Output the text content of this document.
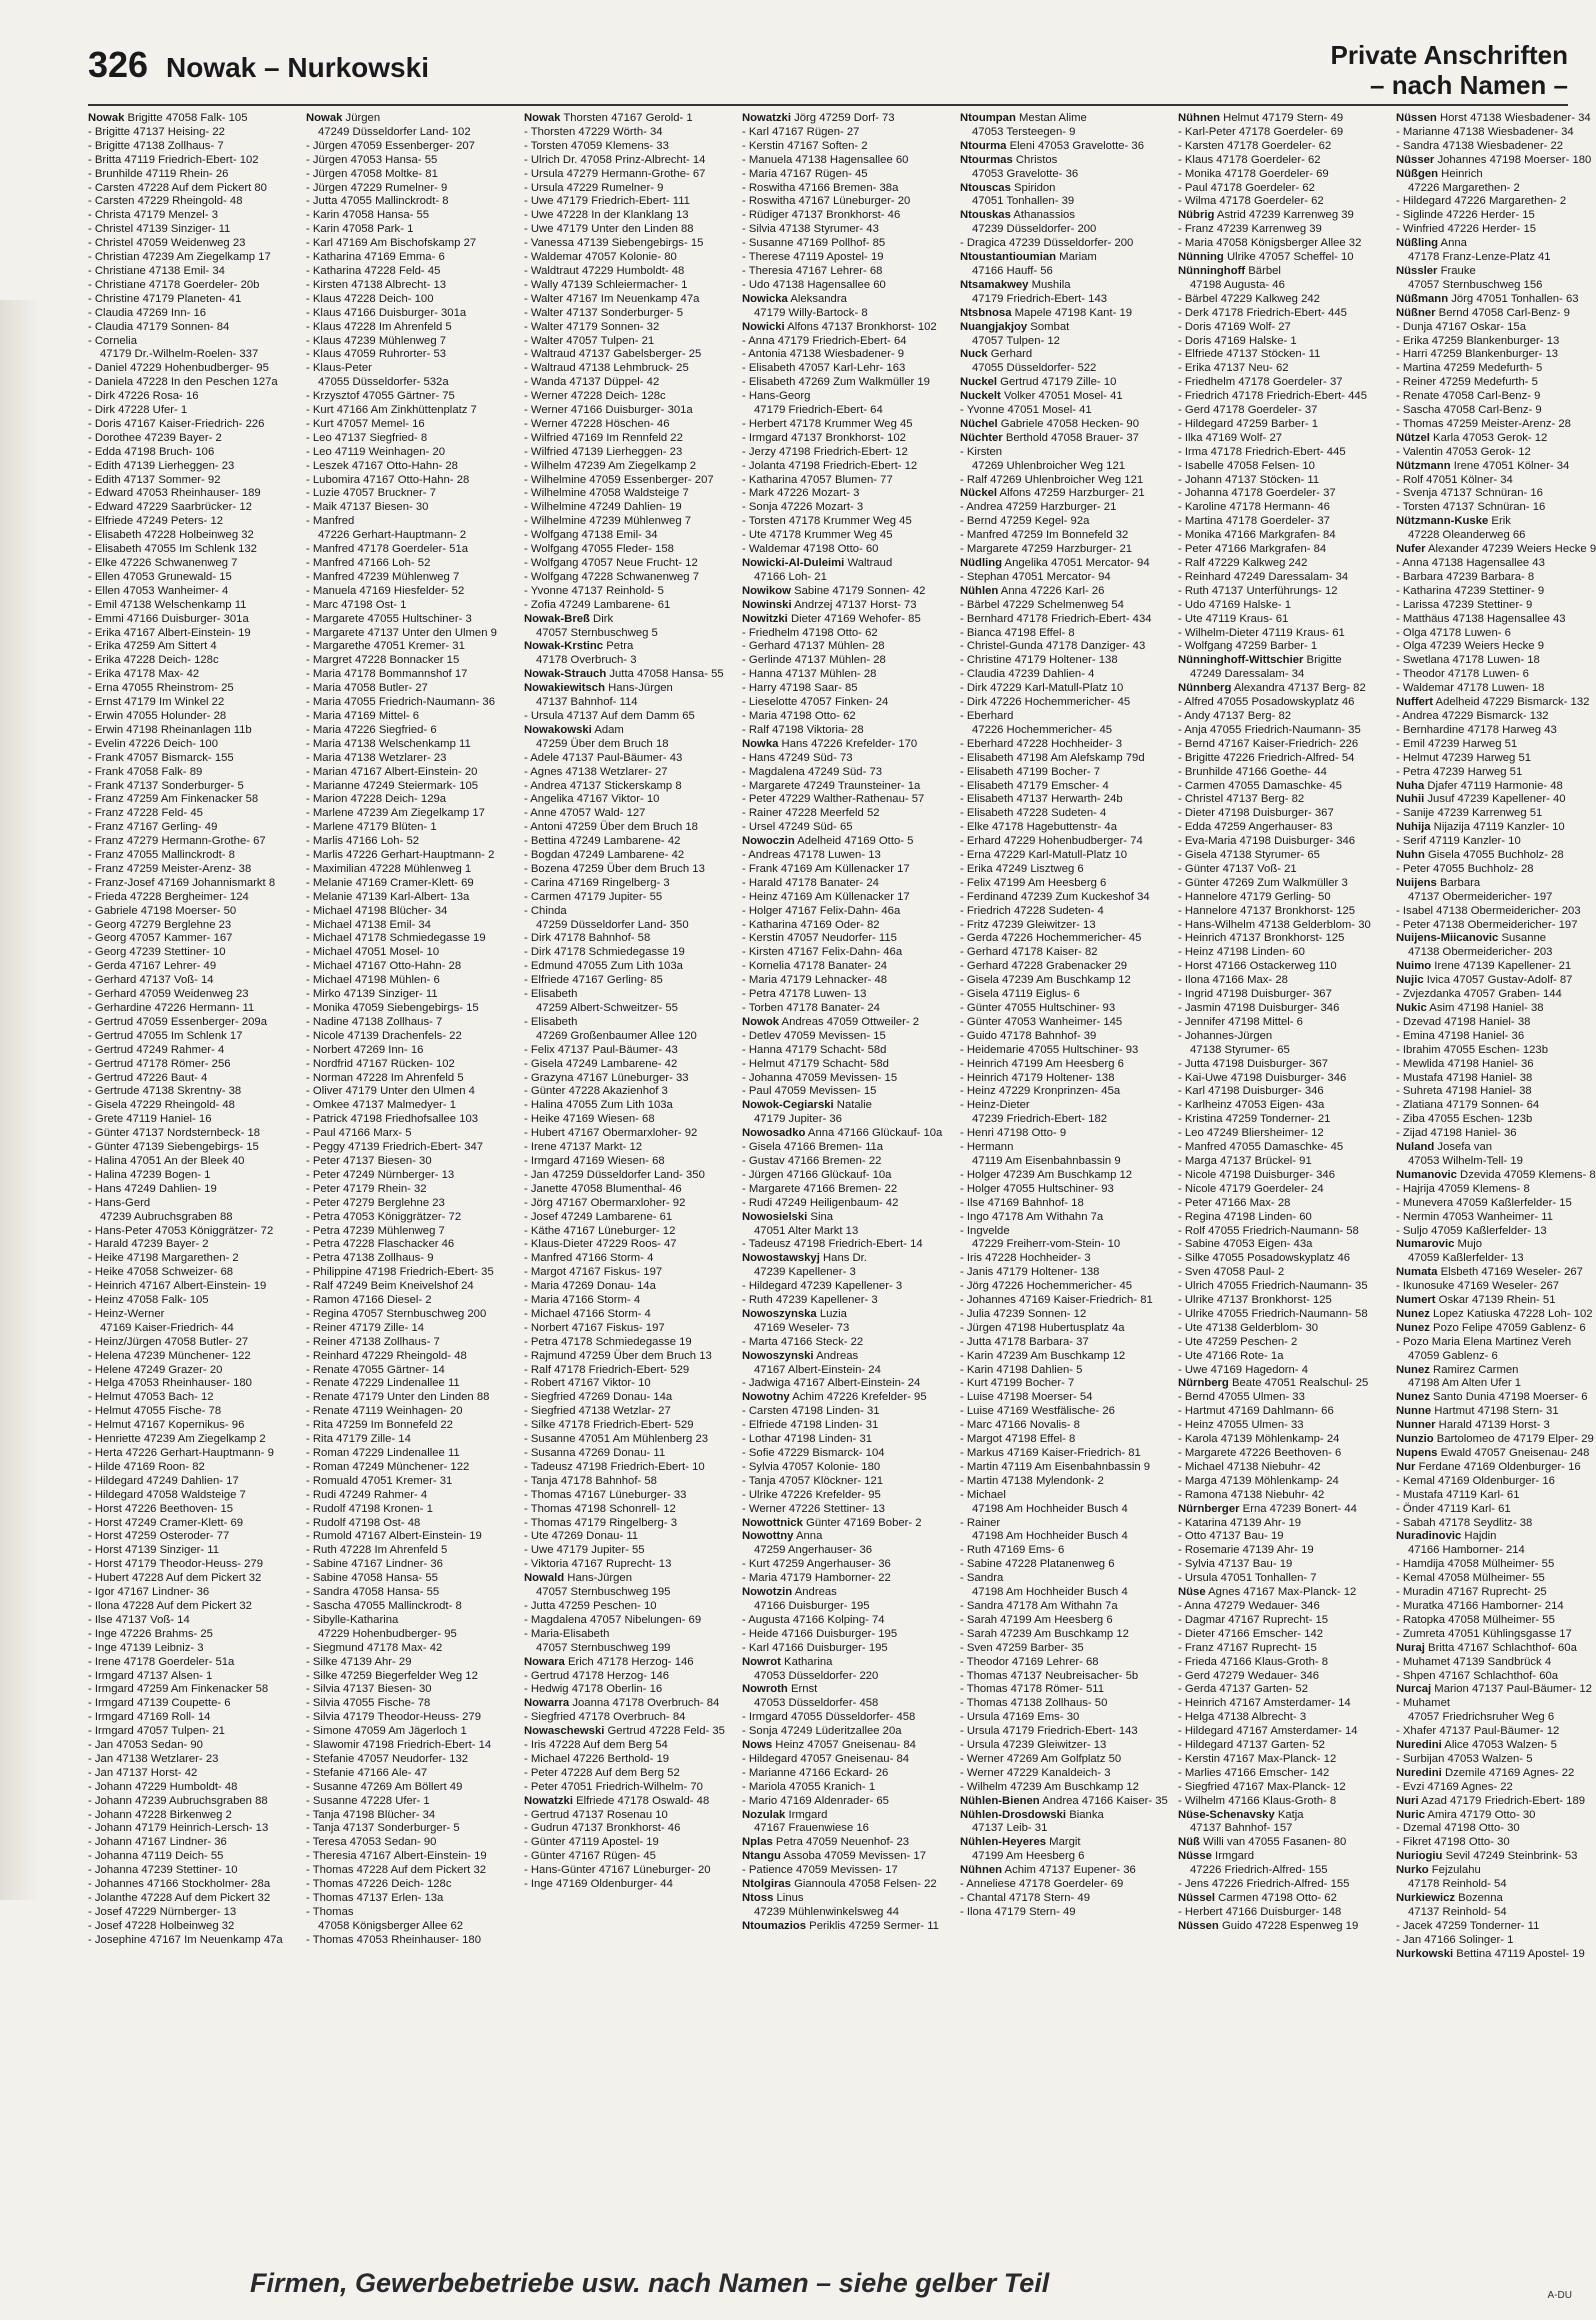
326 Nowak – Nurkowski	Private Anschriften
– nach Namen –
Nowak Brigitte 47058 Falk- 105
- Brigitte 47137 Heising- 22
- Brigitte 47138 Zollhaus- 7
- Britta 47119 Friedrich-Ebert- 102
- Brunhilde 47119 Rhein- 26
- Carsten 47228 Auf dem Pickert 80
- Carsten 47229 Rheingold- 48
- Christa 47179 Menzel- 3
- Christel 47139 Sinziger- 11
- Christel 47059 Weidenweg 23
- Christian 47239 Am Ziegelkamp 17
- Christiane 47138 Emil- 34
- Christiane 47178 Goerdeler- 20b
- Christine 47179 Planeten- 41
- Claudia 47269 Inn- 16
- Claudia 47179 Sonnen- 84
- Cornelia
47179 Dr.-Wilhelm-Roelen- 337
- Daniel 47229 Hohenbudberger- 95
- Daniela 47228 In den Peschen 127a
- Dirk 47226 Rosa- 16
- Dirk 47228 Ufer- 1
- Doris 47167 Kaiser-Friedrich- 226
- Dorothee 47239 Bayer- 2
- Edda 47198 Bruch- 106
- Edith 47139 Lierheggen- 23
- Edith 47137 Sommer- 92
- Edward 47053 Rheinhauser- 189
- Edward 47229 Saarbrücker- 12
- Elfriede 47249 Peters- 12
- Elisabeth 47228 Holbeinweg 32
- Elisabeth 47055 Im Schlenk 132
- Elke 47226 Schwanenweg 7
- Ellen 47053 Grunewald- 15
- Ellen 47053 Wanheimer- 4
- Emil 47138 Welschenkamp 11
- Emmi 47166 Duisburger- 301a
- Erika 47167 Albert-Einstein- 19
- Erika 47259 Am Sittert 4
- Erika 47228 Deich- 128c
- Erika 47178 Max- 42
- Erna 47055 Rheinstrom- 25
- Ernst 47179 Im Winkel 22
- Erwin 47055 Holunder- 28
- Erwin 47198 Rheinanlagen 11b
- Evelin 47226 Deich- 100
- Frank 47057 Bismarck- 155
- Frank 47058 Falk- 89
- Frank 47137 Sonderburger- 5
- Franz 47259 Am Finkenacker 58
- Franz 47228 Feld- 45
- Franz 47167 Gerling- 49
- Franz 47279 Hermann-Grothe- 67
- Franz 47055 Mallinckrodt- 8
- Franz 47259 Meister-Arenz- 38
- Franz-Josef 47169 Johannismarkt 8
- Frieda 47228 Bergheimer- 124
- Gabriele 47198 Moerser- 50
- Georg 47279 Berglehne 23
- Georg 47057 Kammer- 167
- Georg 47239 Stettiner- 10
- Gerda 47167 Lehrer- 49
- Gerhard 47137 Voß- 14
- Gerhard 47059 Weidenweg 23
- Gerhardine 47226 Hermann- 11
- Gertrud 47059 Essenberger- 209a
- Gertrud 47055 Im Schlenk 17
- Gertrud 47249 Rahmer- 4
- Gertrud 47178 Römer- 256
- Gertrud 47226 Baut- 4
- Gertrude 47138 Skrentny- 38
- Gisela 47229 Rheingold- 48
- Grete 47119 Haniel- 16
- Günter 47137 Nordsternbeck- 18
- Günter 47139 Siebengebirgs- 15
- Halina 47051 An der Bleek 40
- Halina 47239 Bogen- 1
- Hans 47249 Dahlien- 19
- Hans-Gerd
47239 Aubruchsgraben 88
- Hans-Peter 47053 Königgrätzer- 72
- Harald 47239 Bayer- 2
- Heike 47198 Margarethen- 2
- Heike 47058 Schweizer- 68
- Heinrich 47167 Albert-Einstein- 19
- Heinz 47058 Falk- 105
- Heinz-Werner
47169 Kaiser-Friedrich- 44
- Heinz/Jürgen 47058 Butler- 27
- Helena 47239 Münchener- 122
- Helene 47249 Grazer- 20
- Helga 47053 Rheinhauser- 180
- Helmut 47053 Bach- 12
- Helmut 47055 Fische- 78
- Helmut 47167 Kopernikus- 96
- Henriette 47239 Am Ziegelkamp 2
- Herta 47226 Gerhart-Hauptmann- 9
- Hilde 47169 Roon- 82
- Hildegard 47249 Dahlien- 17
- Hildegard 47058 Waldsteige 7
- Horst 47226 Beethoven- 15
- Horst 47249 Cramer-Klett- 69
- Horst 47259 Osteroder- 77
- Horst 47139 Sinziger- 11
- Horst 47179 Theodor-Heuss- 279
- Hubert 47228 Auf dem Pickert 32
- Igor 47167 Lindner- 36
- Ilona 47228 Auf dem Pickert 32
- Ilse 47137 Voß- 14
- Inge 47226 Brahms- 25
- Inge 47139 Leibniz- 3
- Irene 47178 Goerdeler- 51a
- Irmgard 47137 Alsen- 1
- Irmgard 47259 Am Finkenacker 58
- Irmgard 47139 Coupette- 6
- Irmgard 47169 Roll- 14
- Irmgard 47057 Tulpen- 21
- Jan 47053 Sedan- 90
- Jan 47138 Wetzlarer- 23
- Jan 47137 Horst- 42
- Johann 47229 Humboldt- 48
- Johann 47239 Aubruchsgraben 88
- Johann 47228 Birkenweg 2
- Johann 47179 Heinrich-Lersch- 13
- Johann 47167 Lindner- 36
- Johanna 47119 Deich- 55
- Johanna 47239 Stettiner- 10
- Johannes 47166 Stockholmer- 28a
- Jolanthe 47228 Auf dem Pickert 32
- Josef 47229 Nürnberger- 13
- Josef 47228 Holbeinweg 32
- Josephine 47167 Im Neuenkamp 47a
Nowak Jürgen
47249 Düsseldorfer Land- 102
- Jürgen 47059 Essenberger- 207
- Jürgen 47053 Hansa- 55
- Jürgen 47058 Moltke- 81
- Jürgen 47229 Rumelner- 9
- Jutta 47055 Mallinckrodt- 8
- Karin 47058 Hansa- 55
- Karin 47058 Park- 1
- Karl 47169 Am Bischofskamp 27
- Katharina 47169 Emma- 6
- Katharina 47228 Feld- 45
- Kirsten 47138 Albrecht- 13
- Klaus 47228 Deich- 100
- Klaus 47166 Duisburger- 301a
- Klaus 47228 Im Ahrenfeld 5
- Klaus 47239 Mühlenweg 7
- Klaus 47059 Ruhrorter- 53
- Klaus-Peter
47055 Düsseldorfer- 532a
- Krzysztof 47055 Gärtner- 75
- Kurt 47166 Am Zinkhüttenplatz 7
- Kurt 47057 Memel- 16
- Leo 47137 Siegfried- 8
- Leo 47119 Weinhagen- 20
- Leszek 47167 Otto-Hahn- 28
- Lubomira 47167 Otto-Hahn- 28
- Luzie 47057 Bruckner- 7
- Maik 47137 Biesen- 30
- Manfred
47226 Gerhart-Hauptmann- 2
- Manfred 47178 Goerdeler- 51a
- Manfred 47166 Loh- 52
- Manfred 47239 Mühlenweg 7
- Manuela 47169 Hiesfelder- 52
- Marc 47198 Ost- 1
- Margarete 47055 Hultschiner- 3
- Margarete 47137 Unter den Ulmen 9
- Margarethe 47051 Kremer- 31
- Margret 47228 Bonnacker 15
- Maria 47178 Bommannshof 17
- Maria 47058 Butler- 27
- Maria 47055 Friedrich-Naumann- 36
- Maria 47169 Mittel- 6
- Maria 47226 Siegfried- 6
- Maria 47138 Welschenkamp 11
- Maria 47138 Wetzlarer- 23
- Marian 47167 Albert-Einstein- 20
- Marianne 47249 Steiermark- 105
- Marion 47228 Deich- 129a
- Marlene 47239 Am Ziegelkamp 17
- Marlene 47179 Blüten- 1
- Marlis 47166 Loh- 52
- Marlis 47226 Gerhart-Hauptmann- 2
- Maximilian 47228 Mühlenweg 1
- Melanie 47169 Cramer-Klett- 69
- Melanie 47139 Karl-Albert- 13a
- Michael 47198 Blücher- 34
- Michael 47138 Emil- 34
- Michael 47178 Schmiedegasse 19
- Michael 47051 Mosel- 10
- Michael 47167 Otto-Hahn- 28
- Michael 47198 Mühlen- 6
- Mirko 47139 Sinziger- 11
- Monika 47059 Siebengebirgs- 15
- Nadine 47138 Zollhaus- 7
- Nicole 47139 Drachenfels- 22
- Norbert 47269 Inn- 16
- Nordfrid 47167 Rücken- 102
- Norman 47228 Im Ahrenfeld 5
- Oliver 47179 Unter den Ulmen 4
- Omkee 47137 Malmedyer- 1
- Patrick 47198 Friedhofsallee 103
- Paul 47166 Marx- 5
- Peggy 47139 Friedrich-Ebert- 347
- Peter 47137 Biesen- 30
- Peter 47249 Nürnberger- 13
- Peter 47179 Rhein- 32
- Peter 47279 Berglehne 23
- Petra 47053 Königgrätzer- 72
- Petra 47239 Mühlenweg 7
- Petra 47228 Flaschacker 46
- Petra 47138 Zollhaus- 9
- Philippine 47198 Friedrich-Ebert- 35
- Ralf 47249 Beim Kneivelshof 24
- Ramon 47166 Diesel- 2
- Regina 47057 Sternbuschweg 200
- Reiner 47179 Zille- 14
- Reiner 47138 Zollhaus- 7
- Reinhard 47229 Rheingold- 48
- Renate 47055 Gärtner- 14
- Renate 47229 Lindenallee 11
- Renate 47179 Unter den Linden 88
- Renate 47119 Weinhagen- 20
- Rita 47259 Im Bonnefeld 22
- Rita 47179 Zille- 14
- Roman 47229 Lindenallee 11
- Roman 47249 Münchener- 122
- Romuald 47051 Kremer- 31
- Rudi 47249 Rahmer- 4
- Rudolf 47198 Kronen- 1
- Rudolf 47198 Ost- 48
- Rumold 47167 Albert-Einstein- 19
- Ruth 47228 Im Ahrenfeld 5
- Sabine 47167 Lindner- 36
- Sabine 47058 Hansa- 55
- Sandra 47058 Hansa- 55
- Sascha 47055 Mallinckrodt- 8
- Sibylle-Katharina
47229 Hohenbudberger- 95
- Siegmund 47178 Max- 42
- Silke 47139 Ahr- 29
- Silke 47259 Biegerfelder Weg 12
- Silvia 47137 Biesen- 30
- Silvia 47055 Fische- 78
- Silvia 47179 Theodor-Heuss- 279
- Simone 47059 Am Jägerloch 1
- Slawomir 47198 Friedrich-Ebert- 14
- Stefanie 47057 Neudorfer- 132
- Stefanie 47166 Ale- 47
- Susanne 47269 Am Böllert 49
- Susanne 47228 Ufer- 1
- Tanja 47198 Blücher- 34
- Tanja 47137 Sonderburger- 5
- Teresa 47053 Sedan- 90
- Theresia 47167 Albert-Einstein- 19
- Thomas 47228 Auf dem Pickert 32
- Thomas 47226 Deich- 128c
- Thomas 47137 Erlen- 13a
- Thomas
47058 Königsberger Allee 62
- Thomas 47053 Rheinhauser- 180
Nowak Thorsten 47167 Gerold- 1
- Thorsten 47229 Wörth- 34
- Torsten 47059 Klemens- 33
- Ulrich Dr. 47058 Prinz-Albrecht- 14
- Ursula 47279 Hermann-Grothe- 67
- Ursula 47229 Rumelner- 9
- Uwe 47179 Friedrich-Ebert- 111
- Uwe 47228 In der Klanklang 13
- Uwe 47179 Unter den Linden 88
- Vanessa 47139 Siebengebirgs- 15
- Waldemar 47057 Kolonie- 80
- Waldtraut 47229 Humboldt- 48
- Wally 47139 Schleiermacher- 1
- Walter 47167 Im Neuenkamp 47a
- Walter 47137 Sonderburger- 5
- Walter 47179 Sonnen- 32
- Walter 47057 Tulpen- 21
- Waltraud 47137 Gabelsberger- 25
- Waltraud 47138 Lehmbruck- 25
- Wanda 47137 Düppel- 42
- Werner 47228 Deich- 128c
- Werner 47166 Duisburger- 301a
- Werner 47228 Höschen- 46
- Wilfried 47169 Im Rennfeld 22
- Wilfried 47139 Lierheggen- 23
- Wilhelm 47239 Am Ziegelkamp 2
- Wilhelmine 47059 Essenberger- 207
- Wilhelmine 47058 Waldsteige 7
- Wilhelmine 47249 Dahlien- 19
- Wilhelmine 47239 Mühlenweg 7
- Wolfgang 47138 Emil- 34
- Wolfgang 47055 Fleder- 158
- Wolfgang 47057 Neue Frucht- 12
- Wolfgang 47228 Schwanenweg 7
- Yvonne 47137 Reinhold- 5
- Zofia 47249 Lambarene- 61
Nowak-Breß Dirk
47057 Sternbuschweg 5
Nowak-Krstinc Petra
47178 Overbruch- 3
Nowak-Strauch Jutta 47058 Hansa- 55
Nowakiewitsch Hans-Jürgen
47137 Bahnhof- 114
- Ursula 47137 Auf dem Damm 65
Nowakowski Adam
47259 Über dem Bruch 18
- Adele 47137 Paul-Bäumer- 43
- Agnes 47138 Wetzlarer- 27
- Andrea 47137 Stickerskamp 8
- Angelika 47167 Viktor- 10
- Anne 47057 Wald- 127
- Antoni 47259 Über dem Bruch 18
- Bettina 47249 Lambarene- 42
- Bogdan 47249 Lambarene- 42
- Bozena 47259 Über dem Bruch 13
- Carina 47169 Ringelberg- 3
- Carmen 47179 Jupiter- 55
- Chinda
47259 Düsseldorfer Land- 350
- Dirk 47178 Bahnhof- 58
- Dirk 47178 Schmiedegasse 19
- Edmund 47055 Zum Lith 103a
- Elfriede 47167 Gerling- 85
- Elisabeth
47259 Albert-Schweitzer- 55
- Elisabeth
47269 Großenbaumer Allee 120
- Felix 47137 Paul-Bäumer- 43
- Gisela 47249 Lambarene- 42
- Grazyna 47167 Lüneburger- 33
- Günter 47228 Akazienhof 3
- Halina 47055 Zum Lith 103a
- Heike 47169 Wiesen- 68
- Hubert 47167 Obermarxloher- 92
- Irene 47137 Markt- 12
- Irmgard 47169 Wiesen- 68
- Jan 47259 Düsseldorfer Land- 350
- Janette 47058 Blumenthal- 46
- Jörg 47167 Obermarxloher- 92
- Josef 47249 Lambarene- 61
- Käthe 47167 Lüneburger- 12
- Klaus-Dieter 47229 Roos- 47
- Manfred 47166 Storm- 4
- Margot 47167 Fiskus- 197
- Maria 47269 Donau- 14a
- Maria 47166 Storm- 4
- Michael 47166 Storm- 4
- Norbert 47167 Fiskus- 197
- Petra 47178 Schmiedegasse 19
- Rajmund 47259 Über dem Bruch 13
- Ralf 47178 Friedrich-Ebert- 529
- Robert 47167 Viktor- 10
- Siegfried 47269 Donau- 14a
- Siegfried 47138 Wetzlar- 27
- Silke 47178 Friedrich-Ebert- 529
- Susanne 47051 Am Mühlenberg 23
- Susanna 47269 Donau- 11
- Tadeusz 47198 Friedrich-Ebert- 10
- Tanja 47178 Bahnhof- 58
- Thomas 47167 Lüneburger- 33
- Thomas 47198 Schonrell- 12
- Thomas 47179 Ringelberg- 3
- Ute 47269 Donau- 11
- Uwe 47179 Jupiter- 55
- Viktoria 47167 Ruprecht- 13
Nowald Hans-Jürgen
47057 Sternbuschweg 195
- Jutta 47259 Peschen- 10
- Magdalena 47057 Nibelungen- 69
- Maria-Elisabeth
47057 Sternbuschweg 199
Nowara Erich 47178 Herzog- 146
- Gertrud 47178 Herzog- 146
- Hedwig 47178 Oberlin- 16
Nowarra Joanna 47178 Overbruch- 84
- Siegfried 47178 Overbruch- 84
Nowaschewski Gertrud 47228 Feld- 35
- Iris 47228 Auf dem Berg 54
- Michael 47226 Berthold- 19
- Peter 47228 Auf dem Berg 52
- Peter 47051 Friedrich-Wilhelm- 70
Nowatzki Elfriede 47178 Oswald- 48
- Gertrud 47137 Rosenau 10
- Gudrun 47137 Bronkhorst- 46
- Günter 47119 Apostel- 19
- Günter 47167 Rügen- 45
- Hans-Günter 47167 Lüneburger- 20
- Inge 47169 Oldenburger- 44
Nowatzki Jörg 47259 Dorf- 73
- Karl 47167 Rügen- 27
- Kerstin 47167 Soften- 2
- Manuela 47138 Hagensallee 60
- Maria 47167 Rügen- 45
- Roswitha 47166 Bremen- 38a
- Roswitha 47167 Lüneburger- 20
- Rüdiger 47137 Bronkhorst- 46
- Silvia 47138 Styrumer- 43
- Susanne 47169 Pollhof- 85
- Therese 47119 Apostel- 19
- Theresia 47167 Lehrer- 68
- Udo 47138 Hagensallee 60
Nowicka Aleksandra
47179 Willy-Bartock- 8
Nowicki Alfons 47137 Bronkhorst- 102
- Anna 47179 Friedrich-Ebert- 64
- Antonia 47138 Wiesbadener- 9
- Elisabeth 47057 Karl-Lehr- 163
- Elisabeth 47269 Zum Walkmüller 19
- Hans-Georg
47179 Friedrich-Ebert- 64
- Herbert 47178 Krummer Weg 45
- Irmgard 47137 Bronkhorst- 102
- Jerzy 47198 Friedrich-Ebert- 12
- Jolanta 47198 Friedrich-Ebert- 12
- Katharina 47057 Blumen- 77
- Mark 47226 Mozart- 3
- Sonja 47226 Mozart- 3
- Torsten 47178 Krummer Weg 45
- Ute 47178 Krummer Weg 45
- Waldemar 47198 Otto- 60
Nowicki-Al-Duleimi Waltraud
47166 Loh- 21
Nowikow Sabine 47179 Sonnen- 42
Nowinski Andrzej 47137 Horst- 73
Nowitzki Dieter 47169 Wehofer- 85
- Friedhelm 47198 Otto- 62
- Gerhard 47137 Mühlen- 28
- Gerlinde 47137 Mühlen- 28
- Hanna 47137 Mühlen- 28
- Harry 47198 Saar- 85
- Lieselotte 47057 Finken- 24
- Maria 47198 Otto- 62
- Ralf 47198 Viktoria- 28
Nowka Hans 47226 Krefelder- 170
- Hans 47249 Süd- 73
- Magdalena 47249 Süd- 73
- Margarete 47249 Traunsteiner- 1a
- Peter 47229 Walther-Rathenau- 57
- Rainer 47228 Meerfeld 52
- Ursel 47249 Süd- 65
Nowoczin Adelheid 47169 Otto- 5
- Andreas 47178 Luwen- 13
- Frank 47169 Am Küllenacker 17
- Harald 47178 Banater- 24
- Heinz 47169 Am Küllenacker 17
- Holger 47167 Felix-Dahn- 46a
- Katharina 47169 Oder- 82
- Kerstin 47057 Neudorfer- 115
- Kirsten 47167 Felix-Dahn- 46a
- Kornelia 47178 Banater- 24
- Maria 47179 Lehnacker- 48
- Petra 47178 Luwen- 13
- Torben 47178 Banater- 24
Nowok Andreas 47059 Ottweiler- 2
- Detlev 47059 Mevissen- 15
- Hanna 47179 Schacht- 58d
- Helmut 47179 Schacht- 58d
- Johanna 47059 Mevissen- 15
- Paul 47059 Mevissen- 15
Nowok-Cegiarski Natalie
47179 Jupiter- 36
Nowosadko Anna 47166 Glückauf- 10a
- Gisela 47166 Bremen- 11a
- Gustav 47166 Bremen- 22
- Jürgen 47166 Glückauf- 10a
- Margarete 47166 Bremen- 22
- Rudi 47249 Heiligenbaum- 42
Nowosielski Sina
47051 Alter Markt 13
- Tadeusz 47198 Friedrich-Ebert- 14
Nowostawskyj Hans Dr.
47239 Kapellener- 3
- Hildegard 47239 Kapellener- 3
- Ruth 47239 Kapellener- 3
Nowoszynska Luzia
47169 Weseler- 73
- Marta 47166 Steck- 22
Nowoszynski Andreas
47167 Albert-Einstein- 24
- Jadwiga 47167 Albert-Einstein- 24
Nowotny Achim 47226 Krefelder- 95
- Carsten 47198 Linden- 31
- Elfriede 47198 Linden- 31
- Lothar 47198 Linden- 31
- Sofie 47229 Bismarck- 104
- Sylvia 47057 Kolonie- 180
- Tanja 47057 Klöckner- 121
- Ulrike 47226 Krefelder- 95
- Werner 47226 Stettiner- 13
Nowottnick Günter 47169 Bober- 2
Nowottny Anna
47259 Angerhauser- 36
- Kurt 47259 Angerhauser- 36
- Maria 47179 Hamborner- 22
Nowotzin Andreas
47166 Duisburger- 195
- Augusta 47166 Kolping- 74
- Heide 47166 Duisburger- 195
- Karl 47166 Duisburger- 195
Nowrot Katharina
47053 Düsseldorfer- 220
Nowroth Ernst
47053 Düsseldorfer- 458
- Irmgard 47055 Düsseldorfer- 458
- Sonja 47249 Lüderitzallee 20a
Nows Heinz 47057 Gneisenau- 84
- Hildegard 47057 Gneisenau- 84
- Marianne 47166 Eckard- 26
- Mariola 47055 Kranich- 1
- Mario 47169 Aldenrader- 65
Nozulak Irmgard
47167 Frauenwiese 16
Nplas Petra 47059 Neuenhof- 23
Ntangu Assoba 47059 Mevissen- 17
- Patience 47059 Mevissen- 17
Ntolgiras Giannoula 47058 Felsen- 22
Ntoss Linus
47239 Mühlenwinkelsweg 44
Ntoumazios Periklis 47259 Sermer- 11
Ntoumpan Mestan Alime
47053 Tersteegen- 9
Ntourma Eleni 47053 Gravelotte- 36
Ntourmas Christos
47053 Gravelotte- 36
Ntouscas Spiridon
47051 Tonhallen- 39
Ntouskas Athanassios
47239 Düsseldorfer- 200
- Dragica 47239 Düsseldorfer- 200
Ntoustantioumian Mariam
47166 Hauff- 56
Ntsamakwey Mushila
47179 Friedrich-Ebert- 143
Ntsbnosa Mapele 47198 Kant- 19
Nuangjakjoy Sombat
47057 Tulpen- 12
Nuck Gerhard
47055 Düsseldorfer- 522
Nuckel Gertrud 47179 Zille- 10
Nuckelt Volker 47051 Mosel- 41
- Yvonne 47051 Mosel- 41
Nüchel Gabriele 47058 Hecken- 90
Nüchter Berthold 47058 Brauer- 37
- Kirsten
47269 Uhlenbroicher Weg 121
- Ralf 47269 Uhlenbroicher Weg 121
Nückel Alfons 47259 Harzburger- 21
- Andrea 47259 Harzburger- 21
- Bernd 47259 Kegel- 92a
- Manfred 47259 Im Bonnefeld 32
- Margarete 47259 Harzburger- 21
Nüdling Angelika 47051 Mercator- 94
- Stephan 47051 Mercator- 94
Nühlen Anna 47226 Karl- 26
- Bärbel 47229 Schelmenweg 54
- Bernhard 47178 Friedrich-Ebert- 434
- Bianca 47198 Effel- 8
- Christel-Gunda 47178 Danziger- 43
- Christine 47179 Holtener- 138
- Claudia 47239 Dahlien- 4
- Dirk 47229 Karl-Matull-Platz 10
- Dirk 47226 Hochemmericher- 45
- Eberhard
47226 Hochemmericher- 45
- Eberhard 47228 Hochheider- 3
- Elisabeth 47198 Am Alefskamp 79d
- Elisabeth 47199 Bocher- 7
- Elisabeth 47179 Emscher- 4
- Elisabeth 47137 Herwarth- 24b
- Elisabeth 47228 Sudeten- 4
- Elke 47178 Hagebuttenstr- 4a
- Erhard 47229 Hohenbudberger- 74
- Erna 47229 Karl-Matull-Platz 10
- Erika 47249 Lisztweg 6
- Felix 47199 Am Heesberg 6
- Ferdinand 47239 Zum Kuckeshof 34
- Friedrich 47228 Sudeten- 4
- Fritz 47239 Gleiwitzer- 13
- Gerda 47226 Hochemmericher- 45
- Gerhard 47178 Kaiser- 82
- Gerhard 47228 Grabenacker 29
- Gisela 47239 Am Buschkamp 12
- Gisela 47119 Eiglus- 6
- Günter 47055 Hultschiner- 93
- Günter 47053 Wanheimer- 145
- Guido 47178 Bahnhof- 39
- Heidemarie 47055 Hultschiner- 93
- Heinrich 47199 Am Heesberg 6
- Heinrich 47179 Holtener- 138
- Heinz 47229 Kronprinzen- 45a
- Heinz-Dieter
47239 Friedrich-Ebert- 182
- Henri 47198 Otto- 9
- Hermann
47119 Am Eisenbahnbassin 9
- Holger 47239 Am Buschkamp 12
- Holger 47055 Hultschiner- 93
- Ilse 47169 Bahnhof- 18
- Ingo 47178 Am Withahn 7a
- Ingvelde
47229 Freiherr-vom-Stein- 10
- Iris 47228 Hochheider- 3
- Janis 47179 Holtener- 138
- Jörg 47226 Hochemmericher- 45
- Johannes 47169 Kaiser-Friedrich- 81
- Julia 47239 Sonnen- 12
- Jürgen 47198 Hubertusplatz 4a
- Jutta 47178 Barbara- 37
- Karin 47239 Am Buschkamp 12
- Karin 47198 Dahlien- 5
- Kurt 47199 Bocher- 7
- Luise 47198 Moerser- 54
- Luise 47169 Westfälische- 26
- Marc 47166 Novalis- 8
- Margot 47198 Effel- 8
- Markus 47169 Kaiser-Friedrich- 81
- Martin 47119 Am Eisenbahnbassin 9
- Martin 47138 Mylendonk- 2
- Michael
47198 Am Hochheider Busch 4
- Rainer
47198 Am Hochheider Busch 4
- Ruth 47169 Ems- 6
- Sabine 47228 Platanenweg 6
- Sandra
47198 Am Hochheider Busch 4
- Sandra 47178 Am Withahn 7a
- Sarah 47199 Am Heesberg 6
- Sarah 47239 Am Buschkamp 12
- Sven 47259 Barber- 35
- Theodor 47169 Lehrer- 68
- Thomas 47137 Neubreisacher- 5b
- Thomas 47178 Römer- 511
- Thomas 47138 Zollhaus- 50
- Ursula 47169 Ems- 30
- Ursula 47179 Friedrich-Ebert- 143
- Ursula 47239 Gleiwitzer- 13
- Werner 47269 Am Golfplatz 50
- Werner 47229 Kanaldeich- 3
- Wilhelm 47239 Am Buschkamp 12
Nühlen-Bienen Andrea 47166 Kaiser- 35
Nühlen-Drosdowski Bianka
47137 Leib- 31
Nühlen-Heyeres Margit
47199 Am Heesberg 6
Nühnen Achim 47137 Eupener- 36
- Anneliese 47178 Goerdeler- 69
- Chantal 47178 Stern- 49
- Ilona 47179 Stern- 49
Nühnen Helmut 47179 Stern- 49
- Karl-Peter 47178 Goerdeler- 69
- Karsten 47178 Goerdeler- 62
- Klaus 47178 Goerdeler- 62
- Monika 47178 Goerdeler- 69
- Paul 47178 Goerdeler- 62
- Wilma 47178 Goerdeler- 62
Nübrig Astrid 47239 Karrenweg 39
- Franz 47239 Karrenweg 39
- Maria 47058 Königsberger Allee 32
Nünning Ulrike 47057 Scheffel- 10
Nünninghoff Bärbel
47198 Augusta- 46
- Bärbel 47229 Kalkweg 242
- Derk 47178 Friedrich-Ebert- 445
- Doris 47169 Wolf- 27
- Doris 47169 Halske- 1
- Elfriede 47137 Stöcken- 11
- Erika 47137 Neu- 62
- Friedhelm 47178 Goerdeler- 37
- Friedrich 47178 Friedrich-Ebert- 445
- Gerd 47178 Goerdeler- 37
- Hildegard 47259 Barber- 1
- Ilka 47169 Wolf- 27
- Irma 47178 Friedrich-Ebert- 445
- Isabelle 47058 Felsen- 10
- Johann 47137 Stöcken- 11
- Johanna 47178 Goerdeler- 37
- Karoline 47178 Hermann- 46
- Martina 47178 Goerdeler- 37
- Monika 47166 Markgrafen- 84
- Peter 47166 Markgrafen- 84
- Ralf 47229 Kalkweg 242
- Reinhard 47249 Daressalam- 34
- Ruth 47137 Unterführungs- 12
- Udo 47169 Halske- 1
- Ute 47119 Kraus- 61
- Wilhelm-Dieter 47119 Kraus- 61
- Wolfgang 47259 Barber- 1
Nünninghoff-Wittschier Brigitte
47249 Daressalam- 34
Nünnberg Alexandra 47137 Berg- 82
- Alfred 47055 Posadowskyplatz 46
- Andy 47137 Berg- 82
- Anja 47055 Friedrich-Naumann- 35
- Bernd 47167 Kaiser-Friedrich- 226
- Brigitte 47226 Friedrich-Alfred- 54
- Brunhilde 47166 Goethe- 44
- Carmen 47055 Damaschke- 45
- Christel 47137 Berg- 82
- Dieter 47198 Duisburger- 367
- Edda 47259 Angerhauser- 83
- Eva-Maria 47198 Duisburger- 346
- Gisela 47138 Styrumer- 65
- Günter 47137 Voß- 21
- Günter 47269 Zum Walkmüller 3
- Hannelore 47179 Gerling- 50
- Hannelore 47137 Bronkhorst- 125
- Hans-Wilhelm 47138 Gelderblom- 30
- Heinrich 47137 Bronkhorst- 125
- Heinz 47198 Linden- 60
- Horst 47166 Ostackerweg 110
- Ilona 47166 Max- 28
- Ingrid 47198 Duisburger- 367
- Jasmin 47198 Duisburger- 346
- Jennifer 47198 Mittel- 6
- Johannes-Jürgen
47138 Styrumer- 65
- Jutta 47198 Duisburger- 367
- Kai-Uwe 47198 Duisburger- 346
- Karl 47198 Duisburger- 346
- Karlheinz 47053 Eigen- 43a
- Kristina 47259 Tonderner- 21
- Leo 47249 Bliersheimer- 12
- Manfred 47055 Damaschke- 45
- Marga 47137 Brückel- 91
- Nicole 47198 Duisburger- 346
- Nicole 47179 Goerdeler- 24
- Peter 47166 Max- 28
- Regina 47198 Linden- 60
- Rolf 47055 Friedrich-Naumann- 58
- Sabine 47053 Eigen- 43a
- Silke 47055 Posadowskyplatz 46
- Sven 47058 Paul- 2
- Ulrich 47055 Friedrich-Naumann- 35
- Ulrike 47137 Bronkhorst- 125
- Ulrike 47055 Friedrich-Naumann- 58
- Ute 47138 Gelderblom- 30
- Ute 47259 Peschen- 2
- Ute 47166 Rote- 1a
- Uwe 47169 Hagedorn- 4
Nürnberg Beate 47051 Realschul- 25
- Bernd 47055 Ulmen- 33
- Hartmut 47169 Dahlmann- 66
- Heinz 47055 Ulmen- 33
- Karola 47139 Möhlenkamp- 24
- Margarete 47226 Beethoven- 6
- Michael 47138 Niebuhr- 42
- Marga 47139 Möhlenkamp- 24
- Ramona 47138 Niebuhr- 42
Nürnberger Erna 47239 Bonert- 44
- Katarina 47139 Ahr- 19
- Otto 47137 Bau- 19
- Rosemarie 47139 Ahr- 19
- Sylvia 47137 Bau- 19
- Ursula 47051 Tonhallen- 7
Nüse Agnes 47167 Max-Planck- 12
- Anna 47279 Wedauer- 346
- Dagmar 47167 Ruprecht- 15
- Dieter 47166 Emscher- 142
- Franz 47167 Ruprecht- 15
- Frieda 47166 Klaus-Groth- 8
- Gerd 47279 Wedauer- 346
- Gerda 47137 Garten- 52
- Heinrich 47167 Amsterdamer- 14
- Helga 47138 Albrecht- 3
- Hildegard 47167 Amsterdamer- 14
- Hildegard 47137 Garten- 52
- Kerstin 47167 Max-Planck- 12
- Marlies 47166 Emscher- 142
- Siegfried 47167 Max-Planck- 12
- Wilhelm 47166 Klaus-Groth- 8
Nüse-Schenavsky Katja
47137 Bahnhof- 157
Nüß Willi van 47055 Fasanen- 80
Nüsse Irmgard
47226 Friedrich-Alfred- 155
- Jens 47226 Friedrich-Alfred- 155
Nüssel Carmen 47198 Otto- 62
- Herbert 47166 Duisburger- 148
Nüssen Guido 47228 Espenweg 19
Nüssen Horst 47138 Wiesbadener- 34
- Marianne 47138 Wiesbadener- 34
- Sandra 47138 Wiesbadener- 22
Nüsser Johannes 47198 Moerser- 180
Nüßgen Heinrich
47226 Margarethen- 2
- Hildegard 47226 Margarethen- 2
- Siglinde 47226 Herder- 15
- Winfried 47226 Herder- 15
Nüßling Anna
47178 Franz-Lenze-Platz 41
Nüssler Frauke
47057 Sternbuschweg 156
Nüßmann Jörg 47051 Tonhallen- 63
Nüßner Bernd 47058 Carl-Benz- 9
- Dunja 47167 Oskar- 15a
- Erika 47259 Blankenburger- 13
- Harri 47259 Blankenburger- 13
- Martina 47259 Medefurth- 5
- Reiner 47259 Medefurth- 5
- Renate 47058 Carl-Benz- 9
- Sascha 47058 Carl-Benz- 9
- Thomas 47259 Meister-Arenz- 28
Nützel Karla 47053 Gerok- 12
- Valentin 47053 Gerok- 12
Nützmann Irene 47051 Kölner- 34
- Rolf 47051 Kölner- 34
- Svenja 47137 Schnüran- 16
- Torsten 47137 Schnüran- 16
Nützmann-Kuske Erik
47228 Oleanderweg 66
Nufer Alexander 47239 Weiers Hecke 9
- Anna 47138 Hagensallee 43
- Barbara 47239 Barbara- 8
- Katharina 47239 Stettiner- 9
- Larissa 47239 Stettiner- 9
- Matthäus 47138 Hagensallee 43
- Olga 47178 Luwen- 6
- Olga 47239 Weiers Hecke 9
- Swetlana 47178 Luwen- 18
- Theodor 47178 Luwen- 6
- Waldemar 47178 Luwen- 18
Nuffert Adelheid 47229 Bismarck- 132
- Andrea 47229 Bismarck- 132
- Bernhardine 47178 Harweg 43
- Emil 47239 Harweg 51
- Helmut 47239 Harweg 51
- Petra 47239 Harweg 51
Nuha Djafer 47119 Harmonie- 48
Nuhii Jusuf 47239 Kapellener- 40
- Sanije 47239 Karrenweg 51
Nuhija Nijazija 47119 Kanzler- 10
- Serif 47119 Kanzler- 10
Nuhn Gisela 47055 Buchholz- 28
- Peter 47055 Buchholz- 28
Nuijens Barbara
47137 Obermeidericher- 197
- Isabel 47138 Obermeidericher- 203
- Peter 47138 Obermeidericher- 197
Nuijens-Miicanovic Susanne
47138 Obermeidericher- 203
Nuimo Irene 47139 Kapellener- 21
Nujic Ivica 47057 Gustav-Adolf- 87
- Zvjezdanka 47057 Graben- 144
Nukic Asim 47198 Haniel- 38
- Dzevad 47198 Haniel- 38
- Emina 47198 Haniel- 36
- Ibrahim 47055 Eschen- 123b
- Mewlida 47198 Haniel- 36
- Mustafa 47198 Haniel- 38
- Suhreta 47198 Haniel- 38
- Zlatiana 47179 Sonnen- 64
- Ziba 47055 Eschen- 123b
- Zijad 47198 Haniel- 36
Nuland Josefa van
47053 Wilhelm-Tell- 19
Numanovic Dzevida 47059 Klemens- 8
- Hajrija 47059 Klemens- 8
- Munevera 47059 Kaßlerfelder- 15
- Nermin 47053 Wanheimer- 11
- Suljo 47059 Kaßlerfelder- 13
Numarovic Mujo
47059 Kaßlerfelder- 13
Numata Elsbeth 47169 Weseler- 267
- Ikunosuke 47169 Weseler- 267
Numert Oskar 47139 Rhein- 51
Nunez Lopez Katiuska 47228 Loh- 102
Nunez Pozo Felipe 47059 Gablenz- 6
- Pozo Maria Elena Martinez Vereh
47059 Gablenz- 6
Nunez Ramirez Carmen
47198 Am Alten Ufer 1
Nunez Santo Dunia 47198 Moerser- 6
Nunne Hartmut 47198 Stern- 31
Nunner Harald 47139 Horst- 3
Nunzio Bartolomeo de 47179 Elper- 29
Nupens Ewald 47057 Gneisenau- 248
Nur Ferdane 47169 Oldenburger- 16
- Kemal 47169 Oldenburger- 16
- Mustafa 47119 Karl- 61
- Önder 47119 Karl- 61
- Sabah 47178 Seydlitz- 38
Nuradinovic Hajdin
47166 Hamborner- 214
- Hamdija 47058 Mülheimer- 55
- Kemal 47058 Mülheimer- 55
- Muradin 47167 Ruprecht- 25
- Muratka 47166 Hamborner- 214
- Ratopka 47058 Mülheimer- 55
- Zumreta 47051 Kühlingsgasse 17
Nuraj Britta 47167 Schlachthof- 60a
- Muhamet 47139 Sandbrück 4
- Shpen 47167 Schlachthof- 60a
Nurcaj Marion 47137 Paul-Bäumer- 12
- Muhamet
47057 Friedrichsruher Weg 6
- Xhafer 47137 Paul-Bäumer- 12
Nuredini Alice 47053 Walzen- 5
- Surbijan 47053 Walzen- 5
Nuredini Dzemile 47169 Agnes- 22
- Evzi 47169 Agnes- 22
Nuri Azad 47179 Friedrich-Ebert- 189
Nuric Amira 47179 Otto- 30
- Dzemal 47198 Otto- 30
- Fikret 47198 Otto- 30
Nuriogiu Sevil 47249 Steinbrink- 53
Nurko Fejzulahu
47178 Reinhold- 54
Nurkiewicz Bozenna
47137 Reinhold- 54
- Jacek 47259 Tonderner- 11
- Jan 47166 Solinger- 1
Nurkowski Bettina 47119 Apostel- 19
Firmen, Gewerbebetriebe usw. nach Namen – siehe gelber Teil	A-DU
